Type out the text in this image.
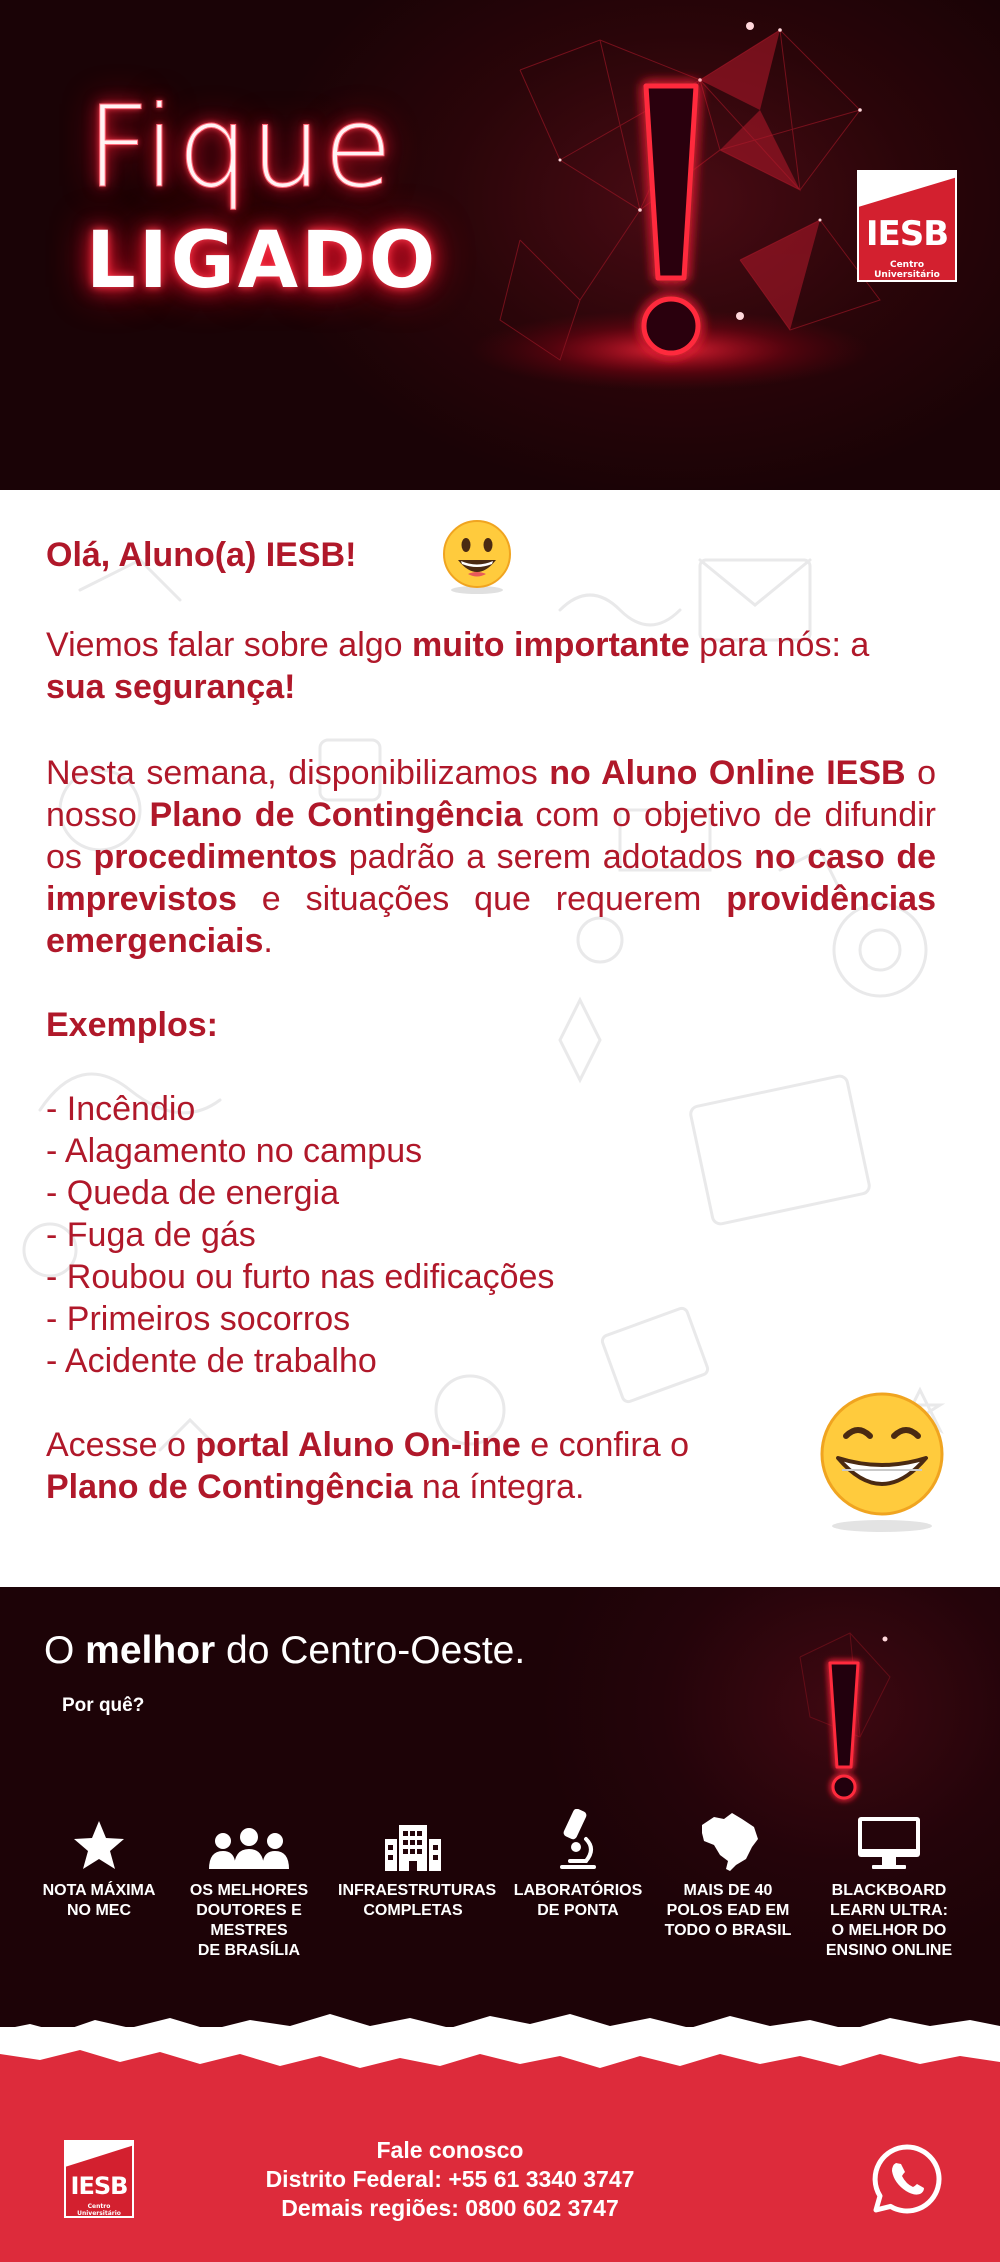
Fique
LIGADO	IESB
Centro Universitário
Olá, Aluno(a) IESB!

Viemos falar sobre algo muito importante para nós: a sua segurança!

Nesta semana, disponibilizamos no Aluno Online IESB o nosso Plano de Contingência com o objetivo de difundir os procedimentos padrão a serem adotados no caso de imprevistos e situações que requerem providências emergenciais.

Exemplos:
- Incêndio
- Alagamento no campus
- Queda de energia
- Fuga de gás
- Roubou ou furto nas edificações
- Primeiros socorros
- Acidente de trabalho

Acesse o portal Aluno On-line e confira o
Plano de Contingência na íntegra.

O melhor do Centro-Oeste.
Por quê?
NOTA MÁXIMA
NO MEC
OS MELHORES
DOUTORES E
MESTRES
DE BRASÍLIA
INFRAESTRUTURAS
COMPLETAS
LABORATÓRIOS
DE PONTA
MAIS DE 40
POLOS EAD EM
TODO O BRASIL
BLACKBOARD
LEARN ULTRA:
O MELHOR DO
ENSINO ONLINE
IESB
Centro Universitário
Fale conosco
Distrito Federal: +55 61 3340 3747
Demais regiões: 0800 602 3747
